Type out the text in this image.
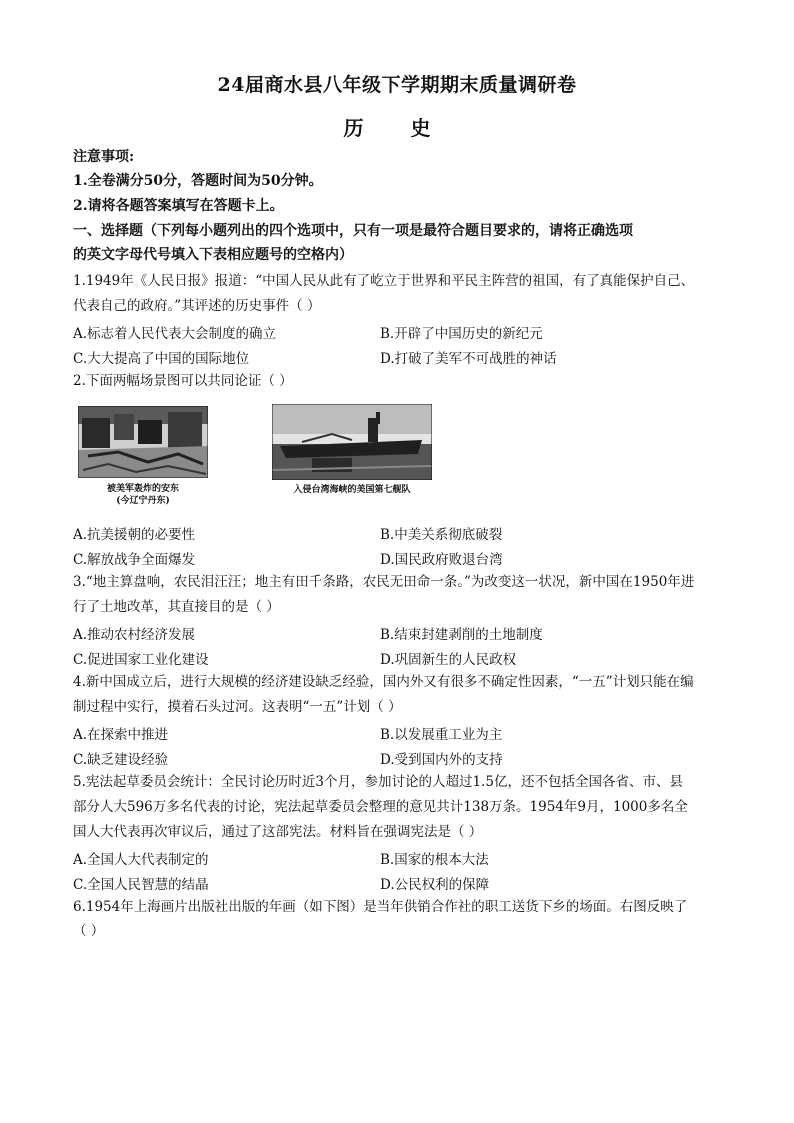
24届商水县八年级下学期期末质量调研卷
历 史
注意事项:
1.全卷满分50分，答题时间为50分钟。
2.请将各题答案填写在答题卡上。
一、选择题（下列每小题列出的四个选项中，只有一项是最符合题目要求的，请将正确选项
的英文字母代号填入下表相应题号的空格内）
1.1949年《人民日报》报道：“中国人民从此有了屹立于世界和平民主阵营的祖国，有了真能保护自己、
代表自己的政府。”其评述的历史事件（ ）
A.标志着人民代表大会制度的确立	B.开辟了中国历史的新纪元
C.大大提高了中国的国际地位	D.打破了美军不可战胜的神话
2.下面两幅场景图可以共同论证（ ）
被美军轰炸的安东
(今辽宁丹东)
入侵台湾海峡的美国第七舰队
A.抗美援朝的必要性	B.中美关系彻底破裂
C.解放战争全面爆发	D.国民政府败退台湾
3.“地主算盘响，农民泪汪汪；地主有田千条路，农民无田命一条。”为改变这一状况，新中国在1950年进
行了土地改革，其直接目的是（ ）
A.推动农村经济发展	B.结束封建剥削的土地制度
C.促进国家工业化建设	D.巩固新生的人民政权
4.新中国成立后，进行大规模的经济建设缺乏经验，国内外又有很多不确定性因素，“一五”计划只能在编
制过程中实行，摸着石头过河。这表明“一五”计划（ ）
A.在探索中推进	B.以发展重工业为主
C.缺乏建设经验	D.受到国内外的支持
5.宪法起草委员会统计：全民讨论历时近3个月，参加讨论的人超过1.5亿，还不包括全国各省、市、县
部分人大596万多名代表的讨论，宪法起草委员会整理的意见共计138万条。1954年9月，1000多名全
国人大代表再次审议后，通过了这部宪法。材料旨在强调宪法是（ ）
A.全国人大代表制定的	B.国家的根本大法
C.全国人民智慧的结晶	D.公民权利的保障
6.1954年上海画片出版社出版的年画（如下图）是当年供销合作社的职工送货下乡的场面。右图反映了
（ ）
